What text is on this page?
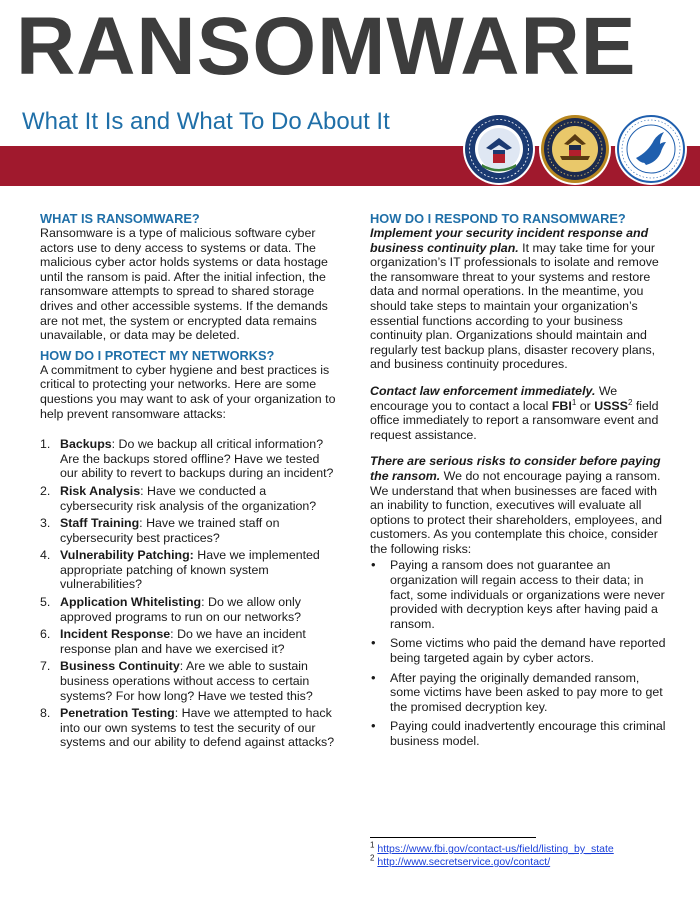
RANSOMWARE
What It Is and What To Do About It
WHAT IS RANSOMWARE?

Ransomware is a type of malicious software cyber actors use to deny access to systems or data. The malicious cyber actor holds systems or data hostage until the ransom is paid. After the initial infection, the ransomware attempts to spread to shared storage drives and other accessible systems. If the demands are not met, the system or encrypted data remains unavailable, or data may be deleted.

HOW DO I PROTECT MY NETWORKS?

A commitment to cyber hygiene and best practices is critical to protecting your networks. Here are some questions you may want to ask of your organization to help prevent ransomware attacks:

1. Backups: Do we backup all critical information? Are the backups stored offline? Have we tested our ability to revert to backups during an incident?
2. Risk Analysis: Have we conducted a cybersecurity risk analysis of the organization?
3. Staff Training: Have we trained staff on cybersecurity best practices?
4. Vulnerability Patching: Have we implemented appropriate patching of known system vulnerabilities?
5. Application Whitelisting: Do we allow only approved programs to run on our networks?
6. Incident Response: Do we have an incident response plan and have we exercised it?
7. Business Continuity: Are we able to sustain business operations without access to certain systems? For how long? Have we tested this?
8. Penetration Testing: Have we attempted to hack into our own systems to test the security of our systems and our ability to defend against attacks?
HOW DO I RESPOND TO RANSOMWARE?

Implement your security incident response and business continuity plan. It may take time for your organization’s IT professionals to isolate and remove the ransomware threat to your systems and restore data and normal operations. In the meantime, you should take steps to maintain your organization’s essential functions according to your business continuity plan. Organizations should maintain and regularly test backup plans, disaster recovery plans, and business continuity procedures.

Contact law enforcement immediately. We encourage you to contact a local FBI$^1$ or USSS$^2$ field office immediately to report a ransomware event and request assistance.

There are serious risks to consider before paying the ransom. We do not encourage paying a ransom. We understand that when businesses are faced with an inability to function, executives will evaluate all options to protect their shareholders, employees, and customers. As you contemplate this choice, consider the following risks:

• Paying a ransom does not guarantee an organization will regain access to their data; in fact, some individuals or organizations were never provided with decryption keys after having paid a ransom.
• Some victims who paid the demand have reported being targeted again by cyber actors.
• After paying the originally demanded ransom, some victims have been asked to pay more to get the promised decryption key.
• Paying could inadvertently encourage this criminal business model.
$^1$ https://www.fbi.gov/contact-us/field/listing_by_state
$^2$ http://www.secretservice.gov/contact/
